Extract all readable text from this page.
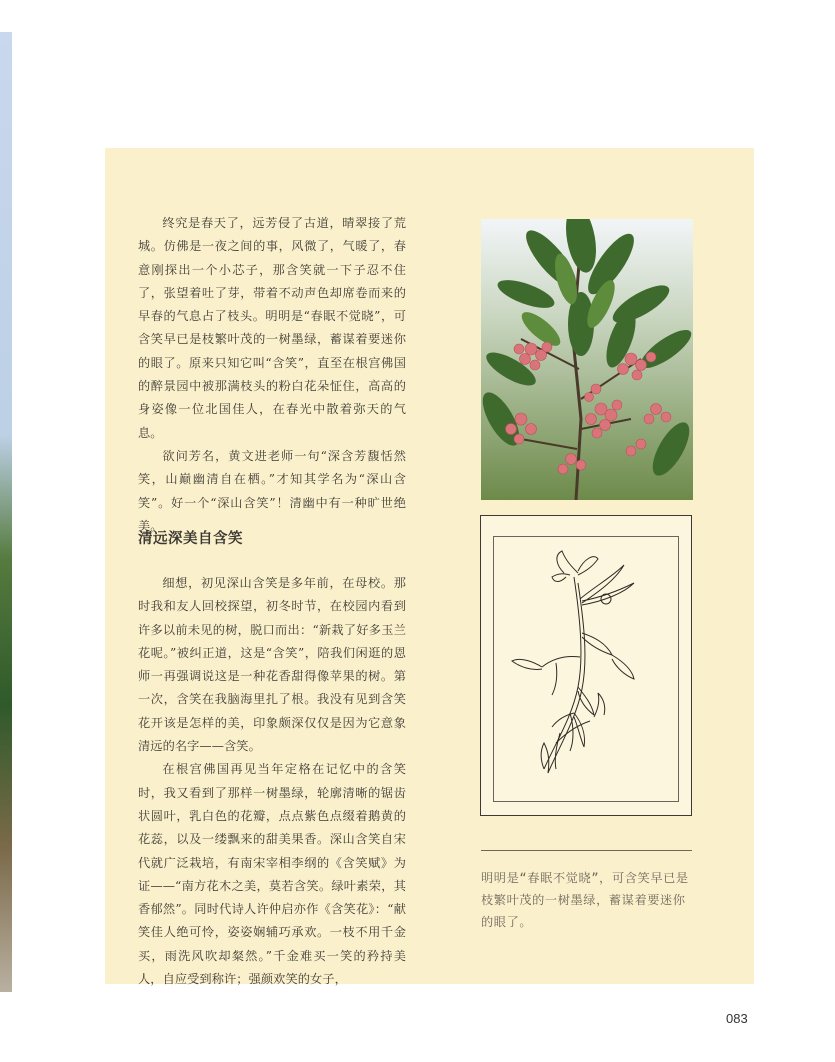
终究是春天了，远芳侵了古道，晴翠接了荒城。仿佛是一夜之间的事，风微了，气暖了，春意刚探出一个小芯子，那含笑就一下子忍不住了，张望着吐了芽，带着不动声色却席卷而来的早春的气息占了枝头。明明是“春眠不觉晓”，可含笑早已是枝繁叶茂的一树墨绿，蓄谋着要迷你的眼了。原来只知它叫“含笑”，直至在根宫佛国的醉景园中被那满枝头的粉白花朵怔住，高高的身姿像一位北国佳人，在春光中散着弥天的气息。

欲问芳名，黄文进老师一句“深含芳馥恬然笑，山巅幽清自在栖。”才知其学名为“深山含笑”。好一个“深山含笑”！清幽中有一种旷世绝美。

清远深美自含笑

细想，初见深山含笑是多年前，在母校。那时我和友人回校探望，初冬时节，在校园内看到许多以前未见的树，脱口而出：“新栽了好多玉兰花呢。”被纠正道，这是“含笑”，陪我们闲逛的恩师一再强调说这是一种花香甜得像苹果的树。第一次，含笑在我脑海里扎了根。我没有见到含笑花开该是怎样的美，印象颇深仅仅是因为它意象清远的名字——含笑。

在根宫佛国再见当年定格在记忆中的含笑时，我又看到了那样一树墨绿，轮廓清晰的锯齿状圆叶，乳白色的花瓣，点点紫色点缀着鹅黄的花蕊，以及一缕飘来的甜美果香。深山含笑自宋代就广泛栽培，有南宋宰相李纲的《含笑赋》为证——“南方花木之美，莫若含笑。绿叶素荣，其香郁然”。同时代诗人许仲启亦作《含笑花》：“献笑佳人绝可怜，姿姿娴辅巧承欢。一枝不用千金买，雨洗风吹却粲然。”千金难买一笑的矜持美人，自应受到称许；强颜欢笑的女子，

明明是“春眠不觉晓”，可含笑早已是枝繁叶茂的一树墨绿，蓄谋着要迷你的眼了。
083
